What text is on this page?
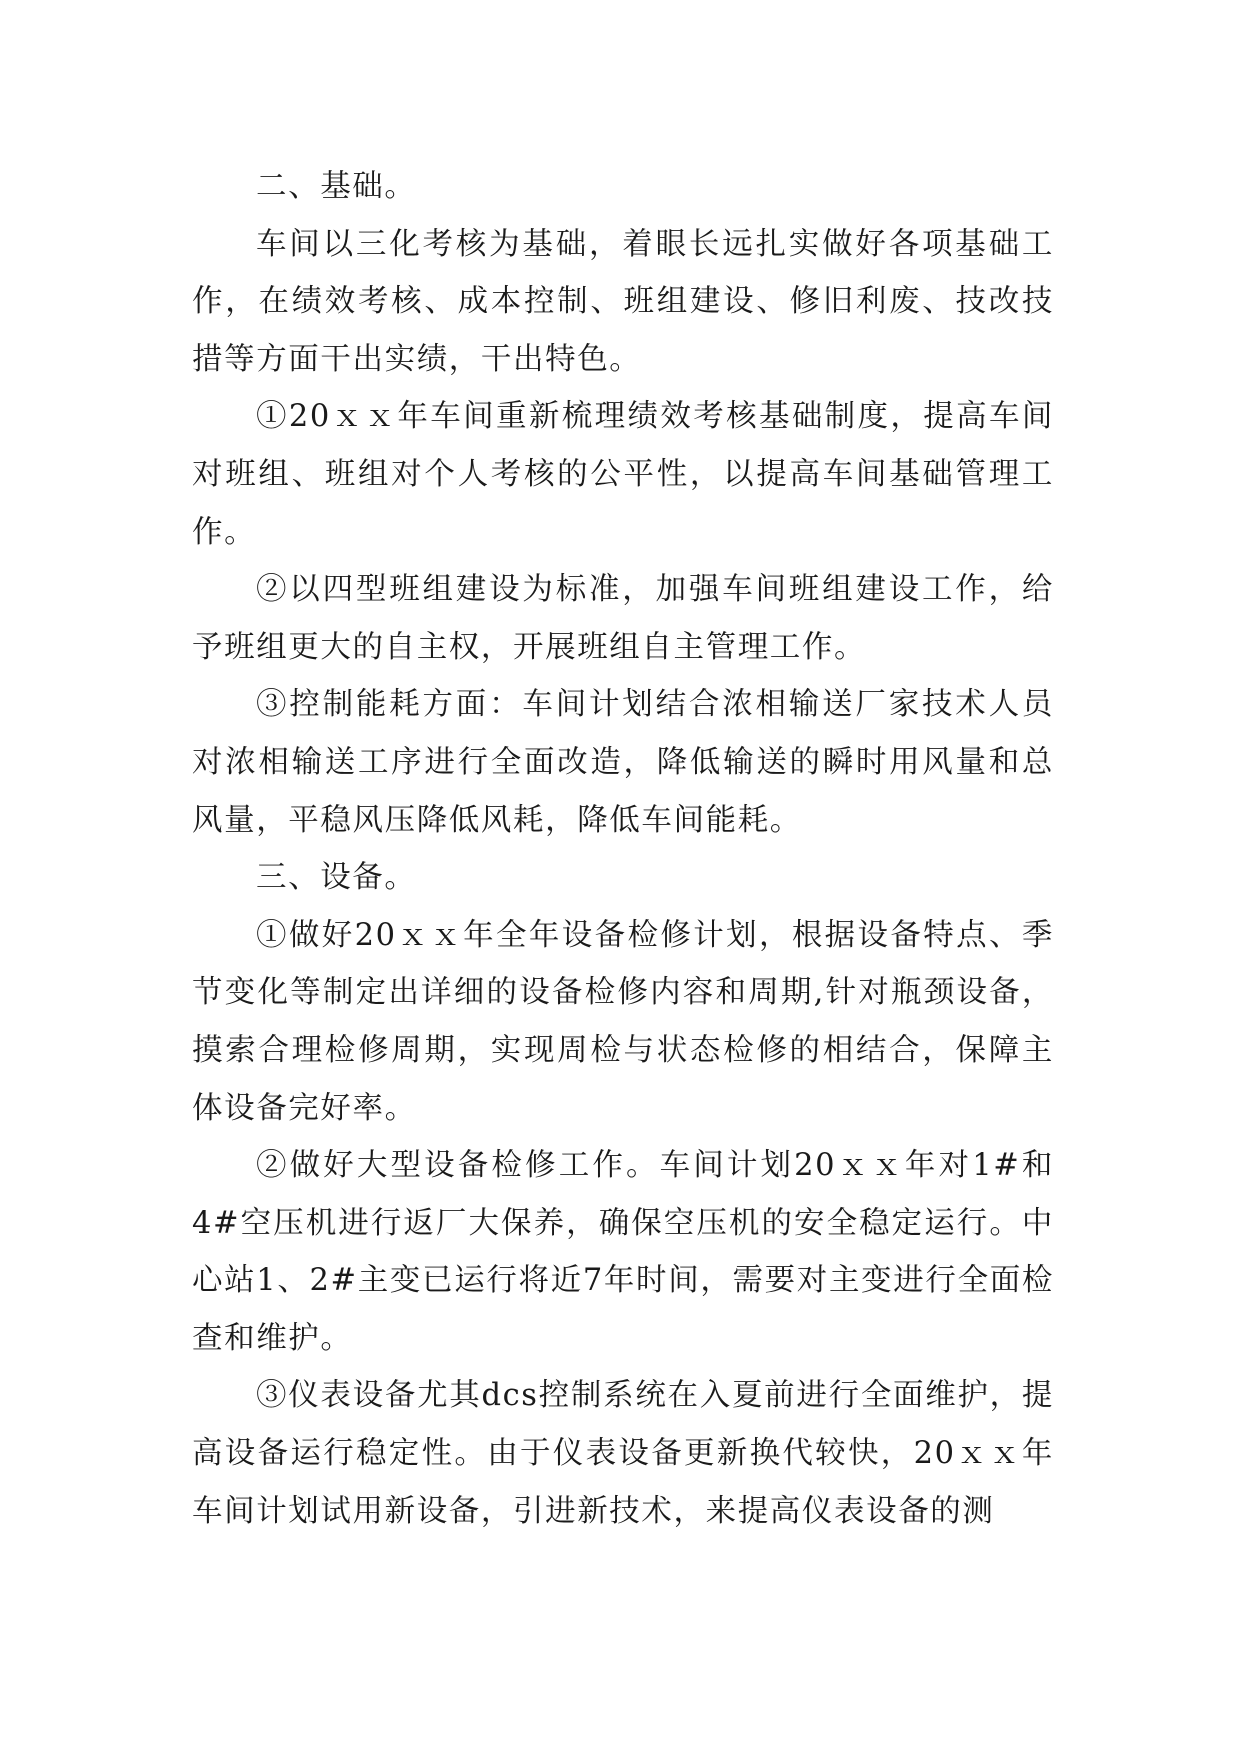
二、基础。

车间以三化考核为基础，着眼长远扎实做好各项基础工作，在绩效考核、成本控制、班组建设、修旧利废、技改技措等方面干出实绩，干出特色。

①20ｘｘ年车间重新梳理绩效考核基础制度，提高车间对班组、班组对个人考核的公平性，以提高车间基础管理工作。

②以四型班组建设为标准，加强车间班组建设工作，给予班组更大的自主权，开展班组自主管理工作。

③控制能耗方面：车间计划结合浓相输送厂家技术人员对浓相输送工序进行全面改造，降低输送的瞬时用风量和总风量，平稳风压降低风耗，降低车间能耗。

三、设备。

①做好20ｘｘ年全年设备检修计划，根据设备特点、季节变化等制定出详细的设备检修内容和周期,针对瓶颈设备，摸索合理检修周期，实现周检与状态检修的相结合，保障主体设备完好率。

②做好大型设备检修工作。车间计划20ｘｘ年对1#和4#空压机进行返厂大保养，确保空压机的安全稳定运行。中心站1、2#主变已运行将近7年时间，需要对主变进行全面检查和维护。

③仪表设备尤其dcs控制系统在入夏前进行全面维护，提高设备运行稳定性。由于仪表设备更新换代较快，20ｘｘ年车间计划试用新设备，引进新技术，来提高仪表设备的测
